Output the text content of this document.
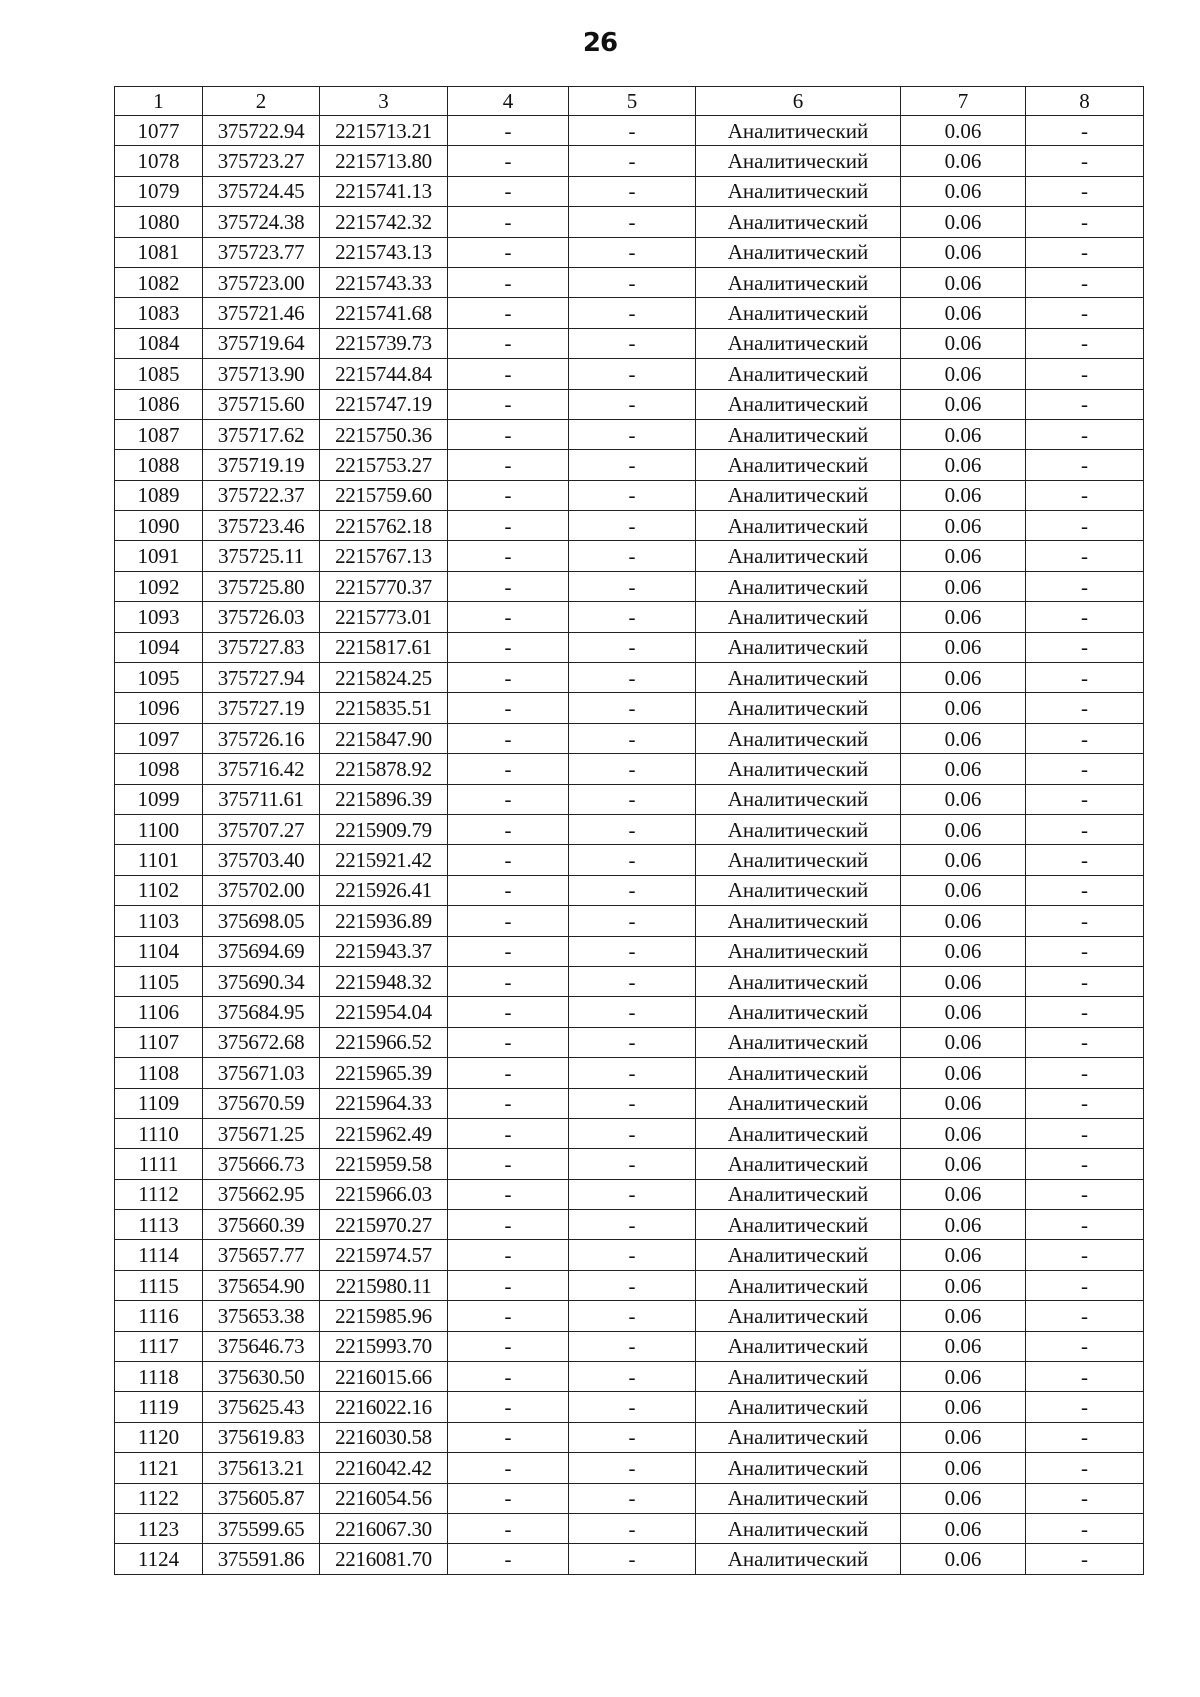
26
1	2	3	4	5	6	7	8
1077	375722.94	2215713.21	-	-	Аналитический	0.06	-
1078	375723.27	2215713.80	-	-	Аналитический	0.06	-
1079	375724.45	2215741.13	-	-	Аналитический	0.06	-
1080	375724.38	2215742.32	-	-	Аналитический	0.06	-
1081	375723.77	2215743.13	-	-	Аналитический	0.06	-
1082	375723.00	2215743.33	-	-	Аналитический	0.06	-
1083	375721.46	2215741.68	-	-	Аналитический	0.06	-
1084	375719.64	2215739.73	-	-	Аналитический	0.06	-
1085	375713.90	2215744.84	-	-	Аналитический	0.06	-
1086	375715.60	2215747.19	-	-	Аналитический	0.06	-
1087	375717.62	2215750.36	-	-	Аналитический	0.06	-
1088	375719.19	2215753.27	-	-	Аналитический	0.06	-
1089	375722.37	2215759.60	-	-	Аналитический	0.06	-
1090	375723.46	2215762.18	-	-	Аналитический	0.06	-
1091	375725.11	2215767.13	-	-	Аналитический	0.06	-
1092	375725.80	2215770.37	-	-	Аналитический	0.06	-
1093	375726.03	2215773.01	-	-	Аналитический	0.06	-
1094	375727.83	2215817.61	-	-	Аналитический	0.06	-
1095	375727.94	2215824.25	-	-	Аналитический	0.06	-
1096	375727.19	2215835.51	-	-	Аналитический	0.06	-
1097	375726.16	2215847.90	-	-	Аналитический	0.06	-
1098	375716.42	2215878.92	-	-	Аналитический	0.06	-
1099	375711.61	2215896.39	-	-	Аналитический	0.06	-
1100	375707.27	2215909.79	-	-	Аналитический	0.06	-
1101	375703.40	2215921.42	-	-	Аналитический	0.06	-
1102	375702.00	2215926.41	-	-	Аналитический	0.06	-
1103	375698.05	2215936.89	-	-	Аналитический	0.06	-
1104	375694.69	2215943.37	-	-	Аналитический	0.06	-
1105	375690.34	2215948.32	-	-	Аналитический	0.06	-
1106	375684.95	2215954.04	-	-	Аналитический	0.06	-
1107	375672.68	2215966.52	-	-	Аналитический	0.06	-
1108	375671.03	2215965.39	-	-	Аналитический	0.06	-
1109	375670.59	2215964.33	-	-	Аналитический	0.06	-
1110	375671.25	2215962.49	-	-	Аналитический	0.06	-
1111	375666.73	2215959.58	-	-	Аналитический	0.06	-
1112	375662.95	2215966.03	-	-	Аналитический	0.06	-
1113	375660.39	2215970.27	-	-	Аналитический	0.06	-
1114	375657.77	2215974.57	-	-	Аналитический	0.06	-
1115	375654.90	2215980.11	-	-	Аналитический	0.06	-
1116	375653.38	2215985.96	-	-	Аналитический	0.06	-
1117	375646.73	2215993.70	-	-	Аналитический	0.06	-
1118	375630.50	2216015.66	-	-	Аналитический	0.06	-
1119	375625.43	2216022.16	-	-	Аналитический	0.06	-
1120	375619.83	2216030.58	-	-	Аналитический	0.06	-
1121	375613.21	2216042.42	-	-	Аналитический	0.06	-
1122	375605.87	2216054.56	-	-	Аналитический	0.06	-
1123	375599.65	2216067.30	-	-	Аналитический	0.06	-
1124	375591.86	2216081.70	-	-	Аналитический	0.06	-
